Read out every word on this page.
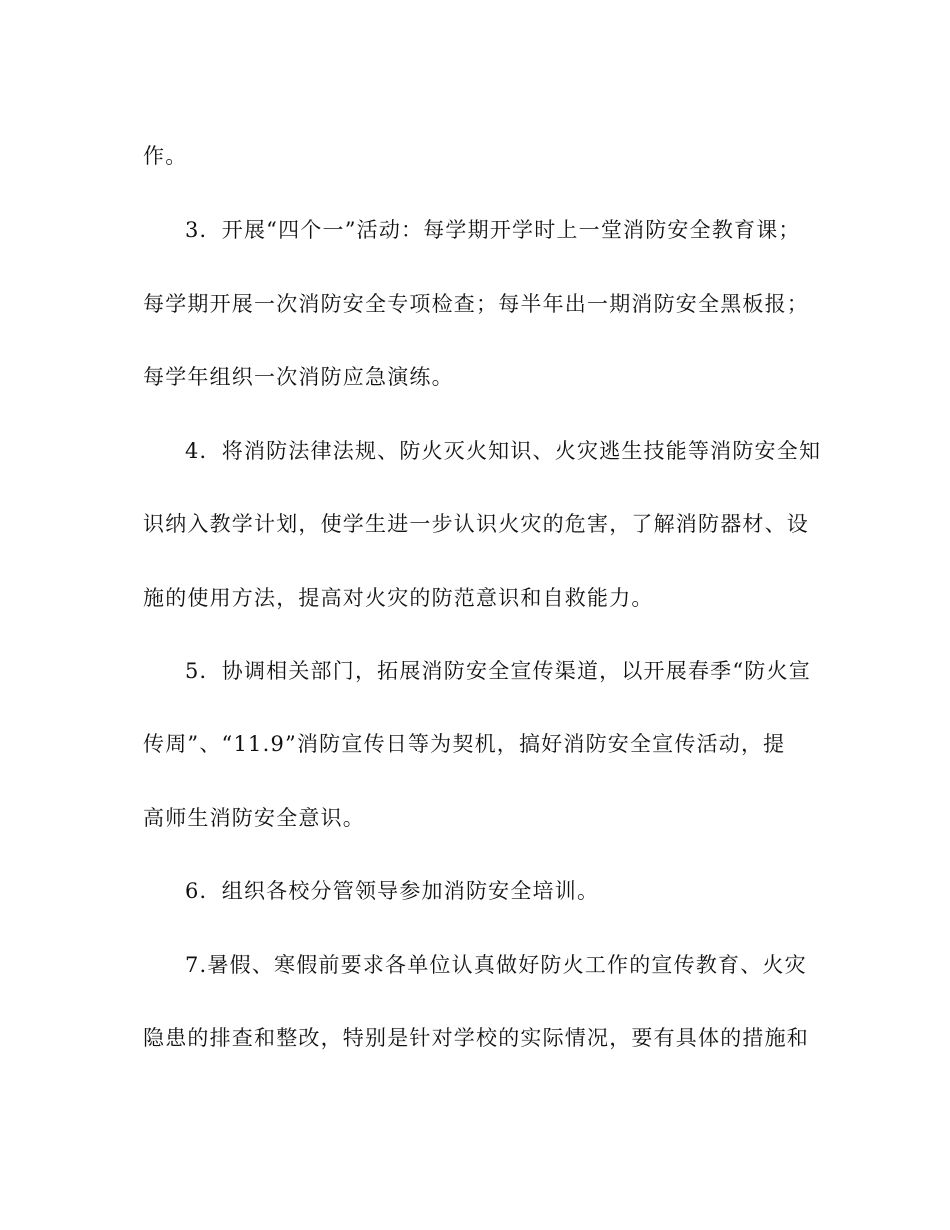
作。
3．开展“四个一”活动：每学期开学时上一堂消防安全教育课；
每学期开展一次消防安全专项检查；每半年出一期消防安全黑板报；
每学年组织一次消防应急演练。
4．将消防法律法规、防火灭火知识、火灾逃生技能等消防安全知
识纳入教学计划，使学生进一步认识火灾的危害，了解消防器材、设
施的使用方法，提高对火灾的防范意识和自救能力。
5．协调相关部门，拓展消防安全宣传渠道，以开展春季“防火宣
传周”、“11.9”消防宣传日等为契机，搞好消防安全宣传活动，提
高师生消防安全意识。
6．组织各校分管领导参加消防安全培训。
7.暑假、寒假前要求各单位认真做好防火工作的宣传教育、火灾
隐患的排查和整改，特别是针对学校的实际情况，要有具体的措施和
